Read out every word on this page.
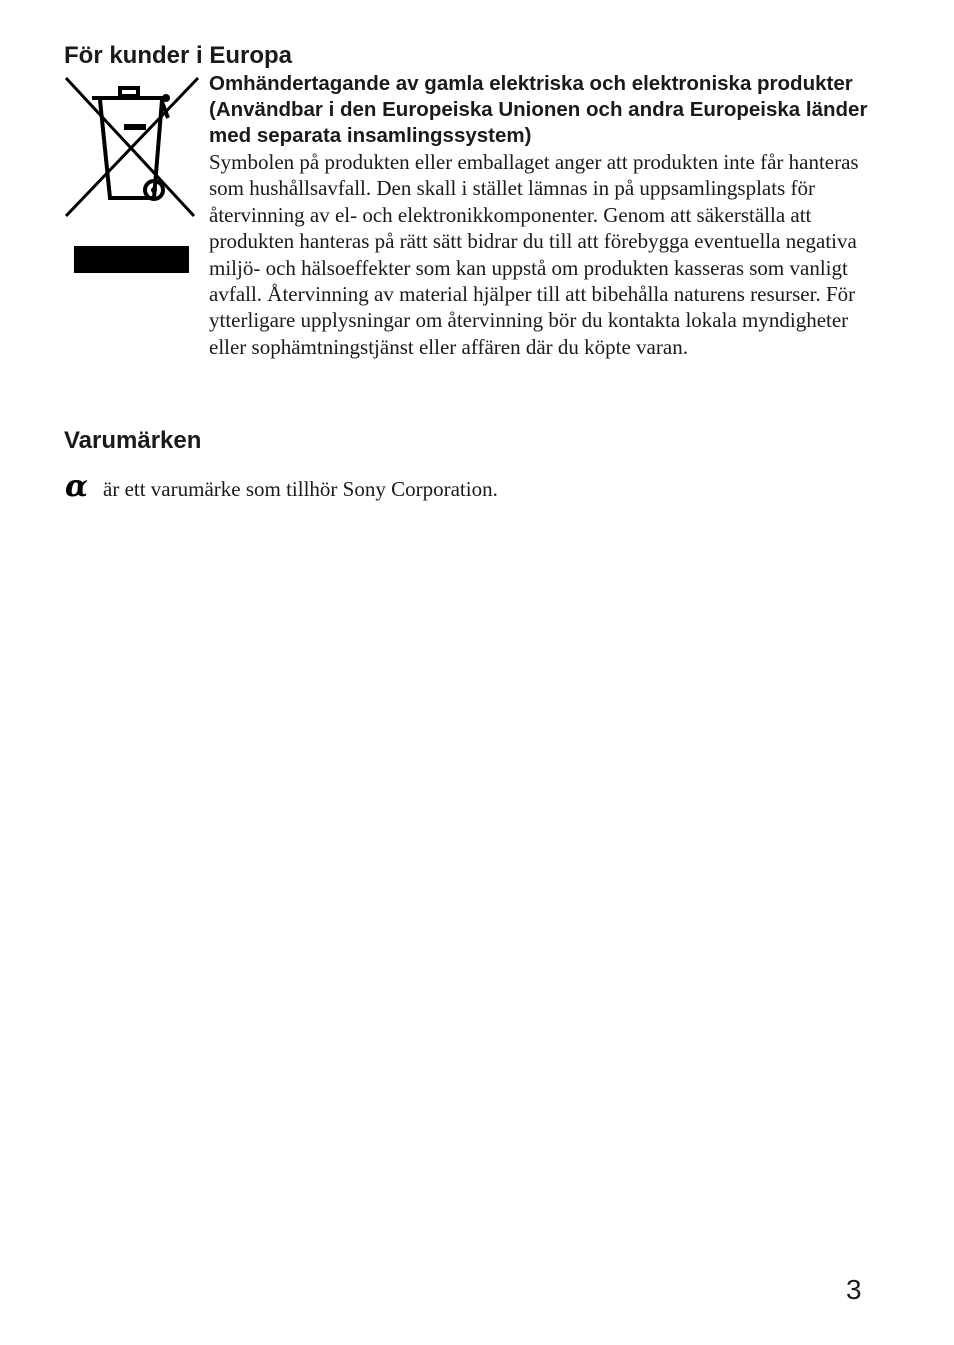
För kunder i Europa

Omhändertagande av gamla elektriska och elektroniska produkter (Användbar i den Europeiska Unionen och andra Europeiska länder med separata insamlingssystem)

Symbolen på produkten eller emballaget anger att produkten inte får hanteras som hushållsavfall. Den skall i stället lämnas in på uppsamlingsplats för återvinning av el- och elektronikkomponenter. Genom att säkerställa att produkten hanteras på rätt sätt bidrar du till att förebygga eventuella negativa miljö- och hälsoeffekter som kan uppstå om produkten kasseras som vanligt avfall. Återvinning av material hjälper till att bibehålla naturens resurser. För ytterligare upplysningar om återvinning bör du kontakta lokala myndigheter eller sophämtningstjänst eller affären där du köpte varan.

Varumärken
α är ett varumärke som tillhör Sony Corporation.
3
